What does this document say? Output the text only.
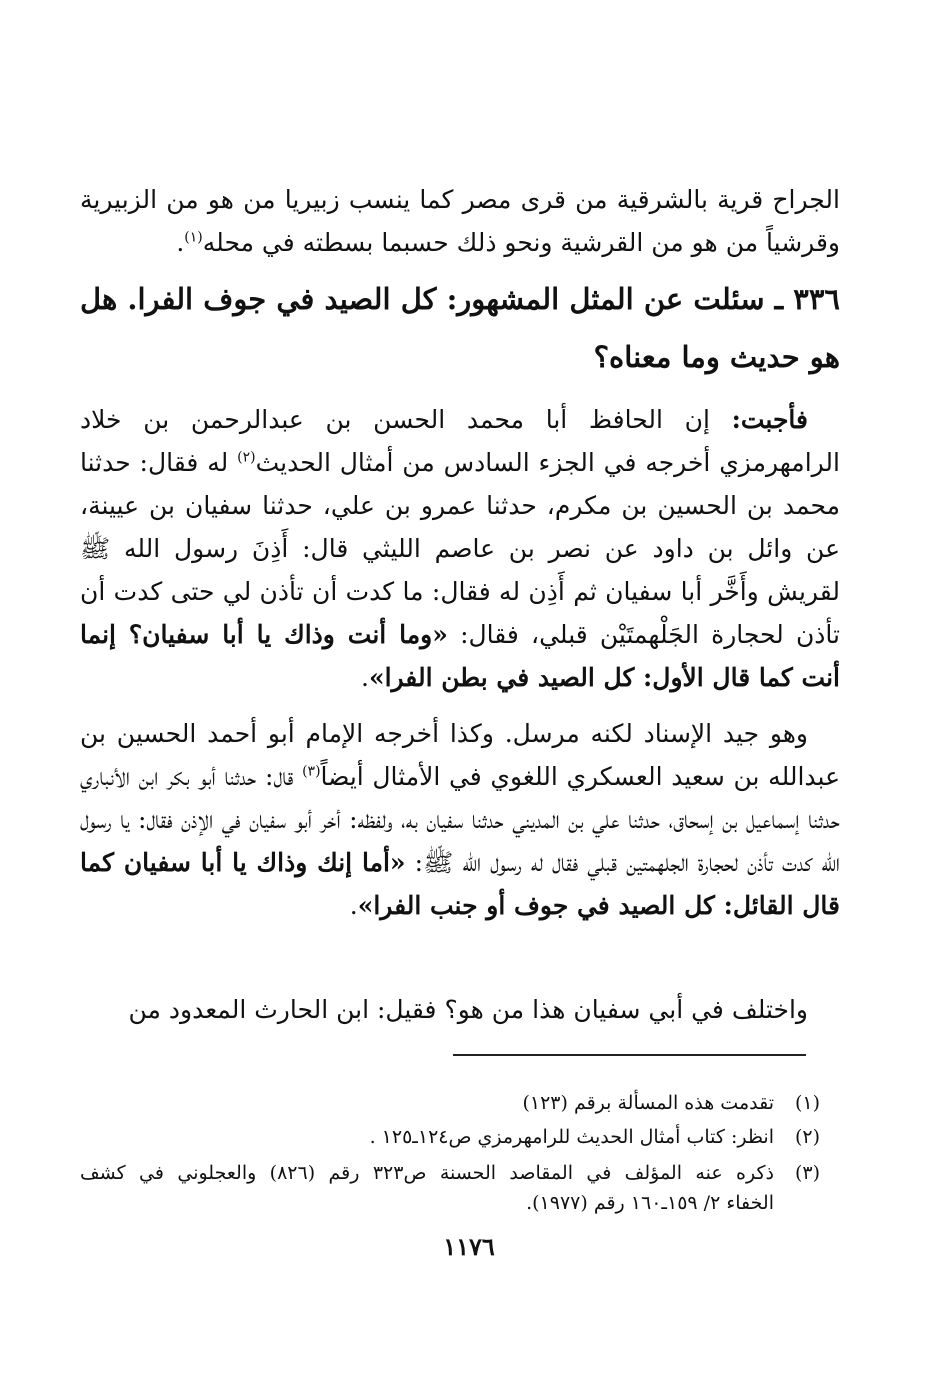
الجراح قرية بالشرقية من قرى مصر كما ينسب زبيريا من هو من الزبيرية وقرشياً من هو من القرشية ونحو ذلك حسبما بسطته في محله$^{(١)}$.

٣٣٦ ـ سئلت عن المثل المشهور: كل الصيد في جوف الفرا. هل هو حديث وما معناه؟

فأجبت: إن الحافظ أبا محمد الحسن بن عبدالرحمن بن خلاد الرامهرمزي أخرجه في الجزء السادس من أمثال الحديث$^{(٢)}$ له فقال: حدثنا محمد بن الحسين بن مكرم، حدثنا عمرو بن علي، حدثنا سفيان بن عيينة، عن وائل بن داود عن نصر بن عاصم الليثي قال: أَذِنَ رسول الله ﷺ لقريش وأَخَّر أبا سفيان ثم أَذِن له فقال: ما كدت أن تأذن لي حتى كدت أن تأذن لحجارة الجَلْهمتَيْن قبلي، فقال: «وما أنت وذاك يا أبا سفيان؟ إنما أنت كما قال الأول: كل الصيد في بطن الفرا».

وهو جيد الإسناد لكنه مرسل. وكذا أخرجه الإمام أبو أحمد الحسين بن عبدالله بن سعيد العسكري اللغوي في الأمثال أيضاً$^{(٣)}$ قال: حدثنا أبو بكر ابن الأنباري حدثنا إسماعيل بن إسحاق، حدثنا علي بن المديني حدثنا سفيان به، ولفظه: أخر أبو سفيان في الإذن فقال: يا رسول الله كدت تأذن لحجارة الجلهمتين قبلي فقال له رسول الله ﷺ: «أما إنك وذاك يا أبا سفيان كما قال القائل: كل الصيد في جوف أو جنب الفرا».

واختلف في أبي سفيان هذا من هو؟ فقيل: ابن الحارث المعدود من

(١)تقدمت هذه المسألة برقم (١٢٣)

(٢)انظر: كتاب أمثال الحديث للرامهرمزي ص١٢٤ـ١٢٥ .

(٣)ذكره عنه المؤلف في المقاصد الحسنة ص٣٢٣ رقم (٨٢٦) والعجلوني في كشف
الخفاء ٢/ ١٥٩ـ١٦٠ رقم (١٩٧٧).
١١٧٦
